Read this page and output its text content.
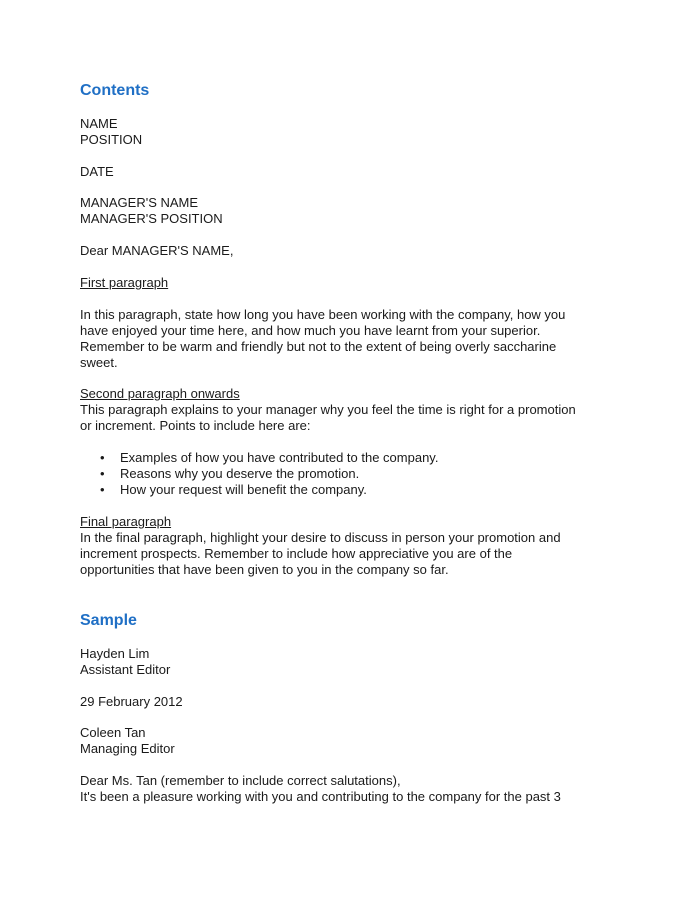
Contents
NAME
POSITION
DATE
MANAGER'S NAME
MANAGER'S POSITION
Dear MANAGER'S NAME,
First paragraph
In this paragraph, state how long you have been working with the company, how you
have enjoyed your time here, and how much you have learnt from your superior.
Remember to be warm and friendly but not to the extent of being overly saccharine
sweet.
Second paragraph onwards
This paragraph explains to your manager why you feel the time is right for a promotion
or increment. Points to include here are:
• Examples of how you have contributed to the company.
• Reasons why you deserve the promotion.
• How your request will benefit the company.
Final paragraph
In the final paragraph, highlight your desire to discuss in person your promotion and
increment prospects. Remember to include how appreciative you are of the
opportunities that have been given to you in the company so far.
Sample
Hayden Lim
Assistant Editor
29 February 2012
Coleen Tan
Managing Editor
Dear Ms. Tan (remember to include correct salutations),
It's been a pleasure working with you and contributing to the company for the past 3
